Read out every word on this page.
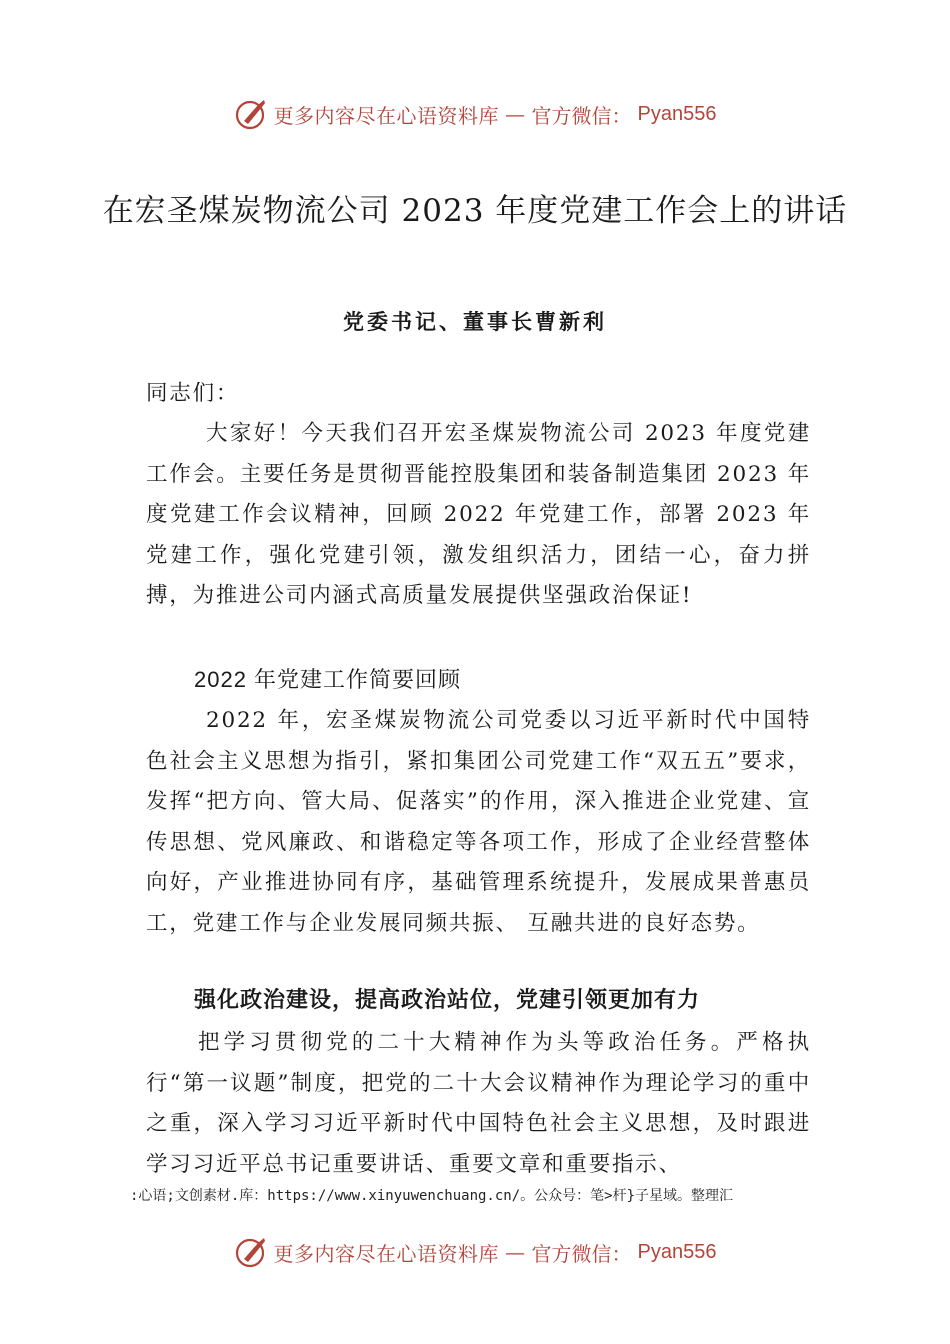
更多内容尽在心语资料库 — 官方微信： Pyan556
在宏圣煤炭物流公司 2023 年度党建工作会上的讲话
党委书记、董事长曹新利
同志们：
大家好！今天我们召开宏圣煤炭物流公司 2023 年度党建工作会。主要任务是贯彻晋能控股集团和装备制造集团 2023 年度党建工作会议精神，回顾 2022 年党建工作，部署 2023 年党建工作，强化党建引领，激发组织活力，团结一心，奋力拼搏，为推进公司内涵式高质量发展提供坚强政治保证!
2022 年党建工作简要回顾
2022 年，宏圣煤炭物流公司党委以习近平新时代中国特色社会主义思想为指引，紧扣集团公司党建工作“双五五”要求，发挥“把方向、管大局、促落实”的作用，深入推进企业党建、宣传思想、党风廉政、和谐稳定等各项工作，形成了企业经营整体向好，产业推进协同有序，基础管理系统提升，发展成果普惠员工，党建工作与企业发展同频共振、 互融共进的良好态势。
强化政治建设，提高政治站位，党建引领更加有力
把学习贯彻党的二十大精神作为头等政治任务。严格执行“第一议题”制度，把党的二十大会议精神作为理论学习的重中之重，深入学习习近平新时代中国特色社会主义思想，及时跟进学习习近平总书记重要讲话、重要文章和重要指示、
:心语;文创素材.库：https://www.xinyuwenchuang.cn/。公众号：笔>杆}子星域。整理汇
更多内容尽在心语资料库 — 官方微信： Pyan556
